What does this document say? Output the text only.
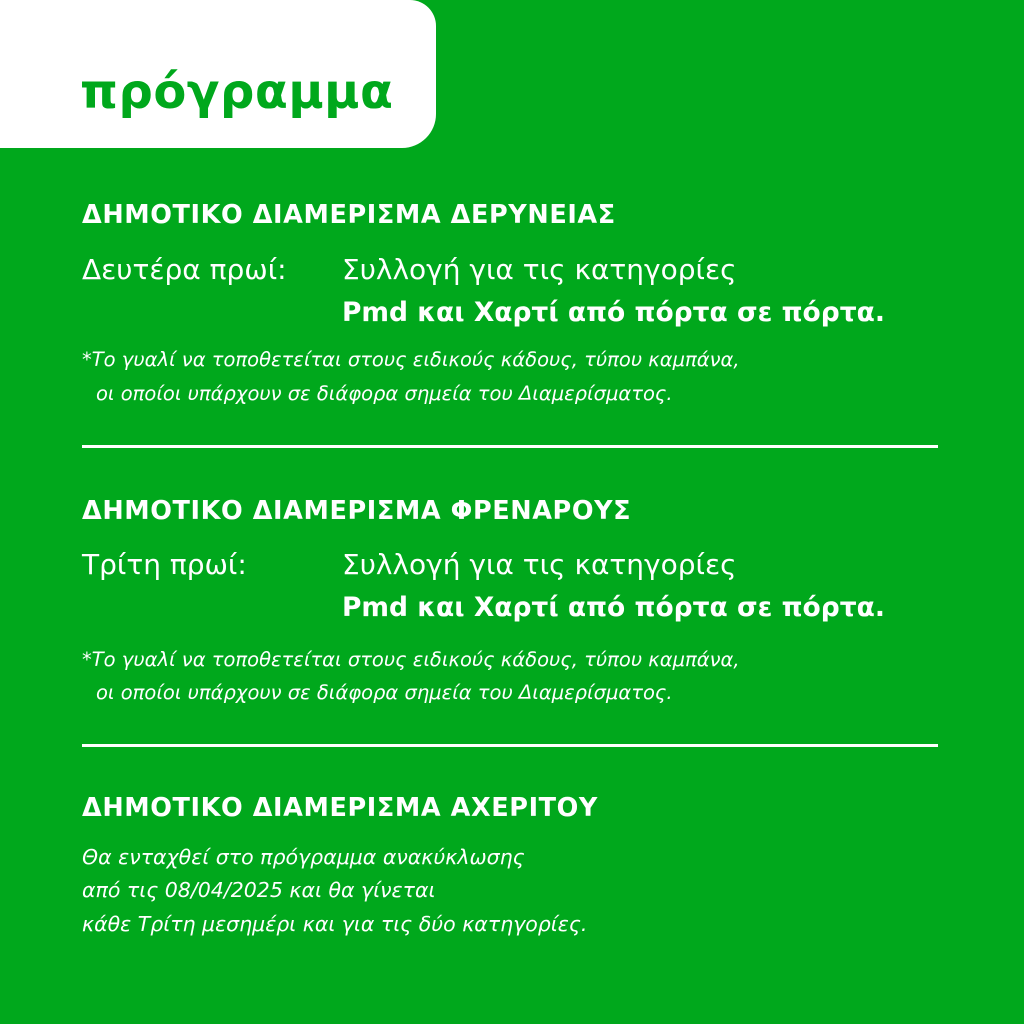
πρόγραμμα
ΔΗΜΟΤΙΚΟ ΔΙΑΜΕΡΙΣΜΑ ΔΕΡΥΝΕΙΑΣ
Δευτέρα πρωί: Συλλογή για τις κατηγορίες
Pmd και Χαρτί από πόρτα σε πόρτα.
*Το γυαλί να τοποθετείται στους ειδικούς κάδους, τύπου καμπάνα,
οι οποίοι υπάρχουν σε διάφορα σημεία του Διαμερίσματος.
ΔΗΜΟΤΙΚΟ ΔΙΑΜΕΡΙΣΜΑ ΦΡΕΝΑΡΟΥΣ
Τρίτη πρωί:	Συλλογή για τις κατηγορίες
Pmd και Χαρτί από πόρτα σε πόρτα.
*Το γυαλί να τοποθετείται στους ειδικούς κάδους, τύπου καμπάνα,
οι οποίοι υπάρχουν σε διάφορα σημεία του Διαμερίσματος.
ΔΗΜΟΤΙΚΟ ΔΙΑΜΕΡΙΣΜΑ ΑΧΕΡΙΤΟΥ
Θα ενταχθεί στο πρόγραμμα ανακύκλωσης
από τις 08/04/2025 και θα γίνεται
κάθε Τρίτη μεσημέρι και για τις δύο κατηγορίες.
